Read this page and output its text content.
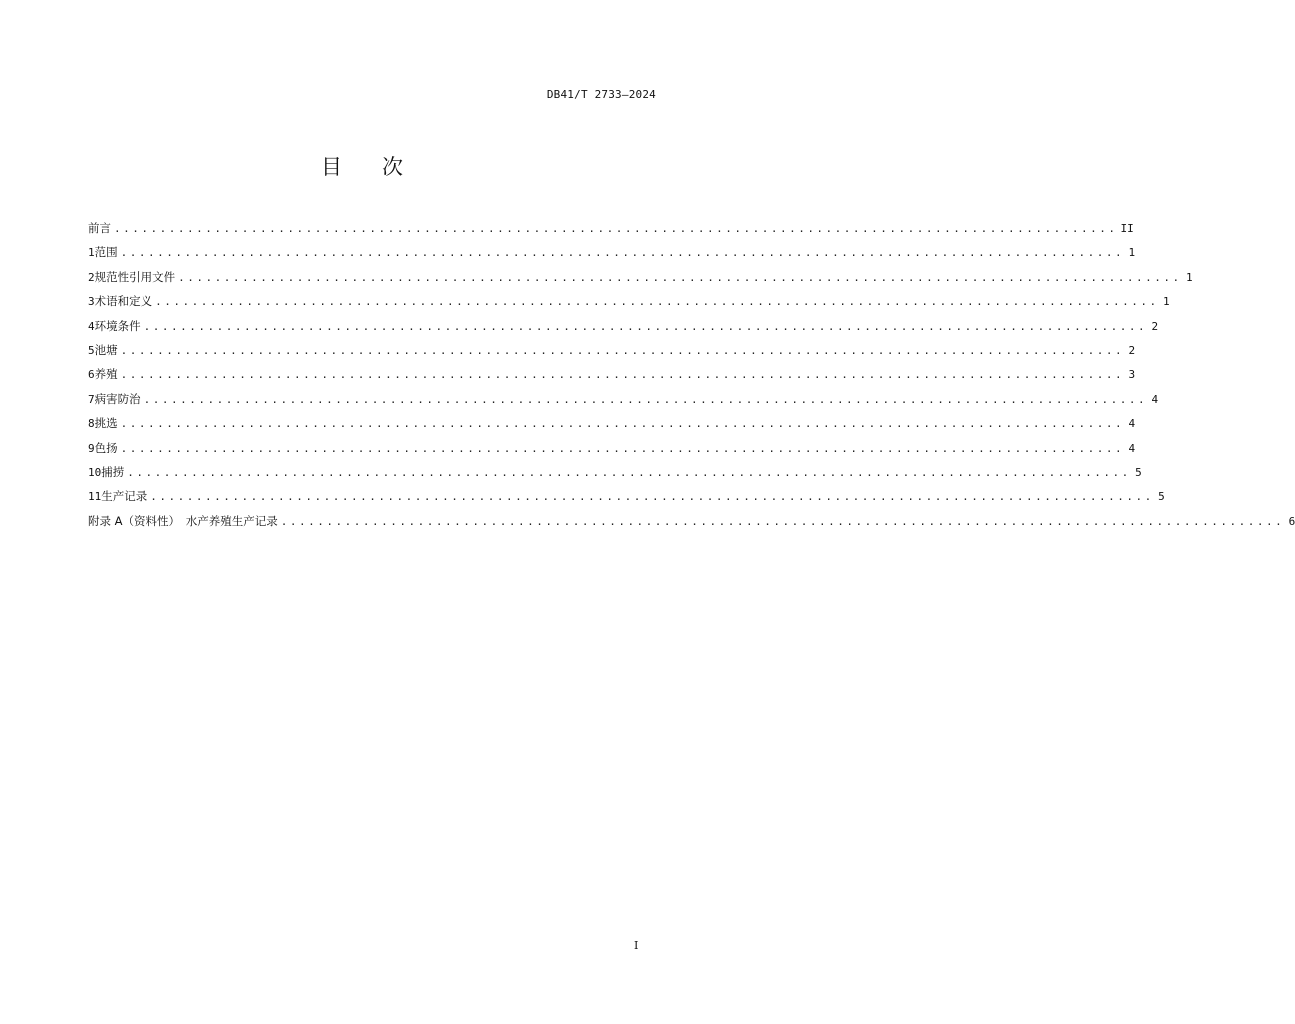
DB41/T 2733—2024
目 次
前言 .............................................................................................................. II
1 范围 .............................................................................................................. 1
2 规范性引用文件 .............................................................................................................. 1
3 术语和定义 .............................................................................................................. 1
4 环境条件 .............................................................................................................. 2
5 池塘 .............................................................................................................. 2
6 养殖 .............................................................................................................. 3
7 病害防治 .............................................................................................................. 4
8 挑选 .............................................................................................................. 4
9 色扬 .............................................................................................................. 4
10 捕捞 .............................................................................................................. 5
11 生产记录 .............................................................................................................. 5
附录 A（资料性）　水产养殖生产记录 .............................................................................................................. 6
I
